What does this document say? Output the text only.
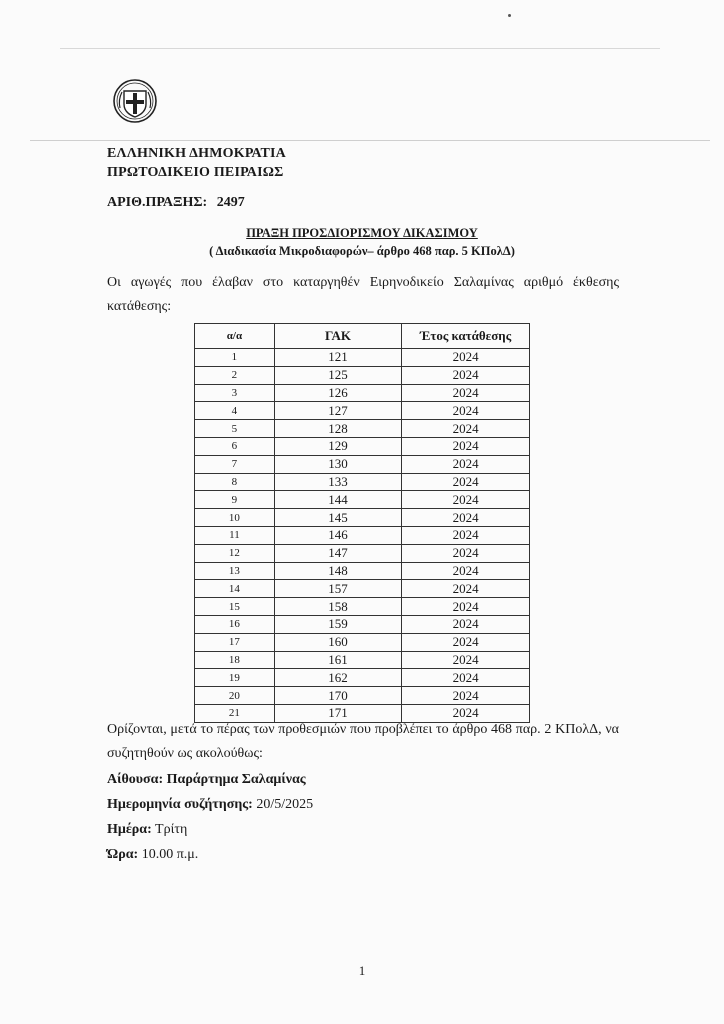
ΕΛΛΗΝΙΚΗ ΔΗΜΟΚΡΑΤΙΑ
ΠΡΩΤΟΔΙΚΕΙΟ ΠΕΙΡΑΙΩΣ
ΑΡΙΘ.ΠΡΑΞΗΣ: 2497
ΠΡΑΞΗ ΠΡΟΣΔΙΟΡΙΣΜΟΥ ΔΙΚΑΣΙΜΟΥ
( Διαδικασία Μικροδιαφορών– άρθρο 468 παρ. 5 ΚΠολΔ)
Οι αγωγές που έλαβαν στο καταργηθέν Ειρηνοδικείο Σαλαμίνας αριθμό έκθεσης κατάθεσης:
α/α	ΓΑΚ	Έτος κατάθεσης
1	121	2024
2	125	2024
3	126	2024
4	127	2024
5	128	2024
6	129	2024
7	130	2024
8	133	2024
9	144	2024
10	145	2024
11	146	2024
12	147	2024
13	148	2024
14	157	2024
15	158	2024
16	159	2024
17	160	2024
18	161	2024
19	162	2024
20	170	2024
21	171	2024
Ορίζονται, μετά το πέρας των προθεσμιών που προβλέπει το άρθρο 468 παρ. 2 ΚΠολΔ, να συζητηθούν ως ακολούθως:
Αίθουσα: Παράρτημα Σαλαμίνας
Ημερομηνία συζήτησης: 20/5/2025
Ημέρα: Τρίτη
Ώρα: 10.00 π.μ.
1
